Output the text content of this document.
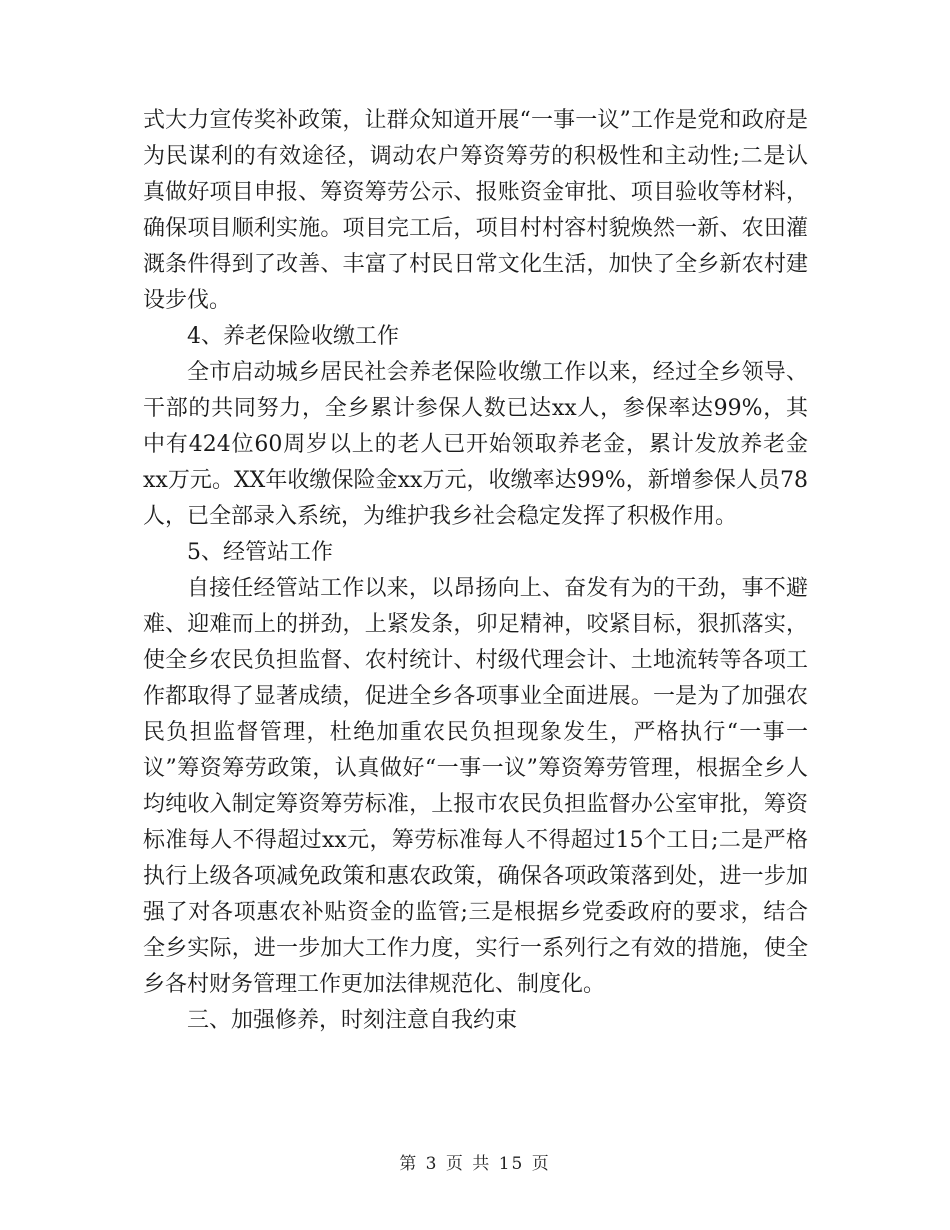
式大力宣传奖补政策，让群众知道开展“一事一议”工作是党和政府是为民谋利的有效途径，调动农户筹资筹劳的积极性和主动性;二是认真做好项目申报、筹资筹劳公示、报账资金审批、项目验收等材料，确保项目顺利实施。项目完工后，项目村村容村貌焕然一新、农田灌溉条件得到了改善、丰富了村民日常文化生活，加快了全乡新农村建设步伐。

4、养老保险收缴工作

全市启动城乡居民社会养老保险收缴工作以来，经过全乡领导、干部的共同努力，全乡累计参保人数已达xx人，参保率达99%，其中有424位60周岁以上的老人已开始领取养老金，累计发放养老金xx万元。XX年收缴保险金xx万元，收缴率达99%，新增参保人员78人，已全部录入系统，为维护我乡社会稳定发挥了积极作用。

5、经管站工作

自接任经管站工作以来，以昂扬向上、奋发有为的干劲，事不避难、迎难而上的拼劲，上紧发条，卯足精神，咬紧目标，狠抓落实，使全乡农民负担监督、农村统计、村级代理会计、土地流转等各项工作都取得了显著成绩，促进全乡各项事业全面进展。一是为了加强农民负担监督管理，杜绝加重农民负担现象发生，严格执行“一事一议”筹资筹劳政策，认真做好“一事一议”筹资筹劳管理，根据全乡人均纯收入制定筹资筹劳标准，上报市农民负担监督办公室审批，筹资标准每人不得超过xx元，筹劳标准每人不得超过15个工日;二是严格执行上级各项减免政策和惠农政策，确保各项政策落到处，进一步加强了对各项惠农补贴资金的监管;三是根据乡党委政府的要求，结合全乡实际，进一步加大工作力度，实行一系列行之有效的措施，使全乡各村财务管理工作更加法律规范化、制度化。

三、加强修养，时刻注意自我约束

第 3 页 共 15 页
